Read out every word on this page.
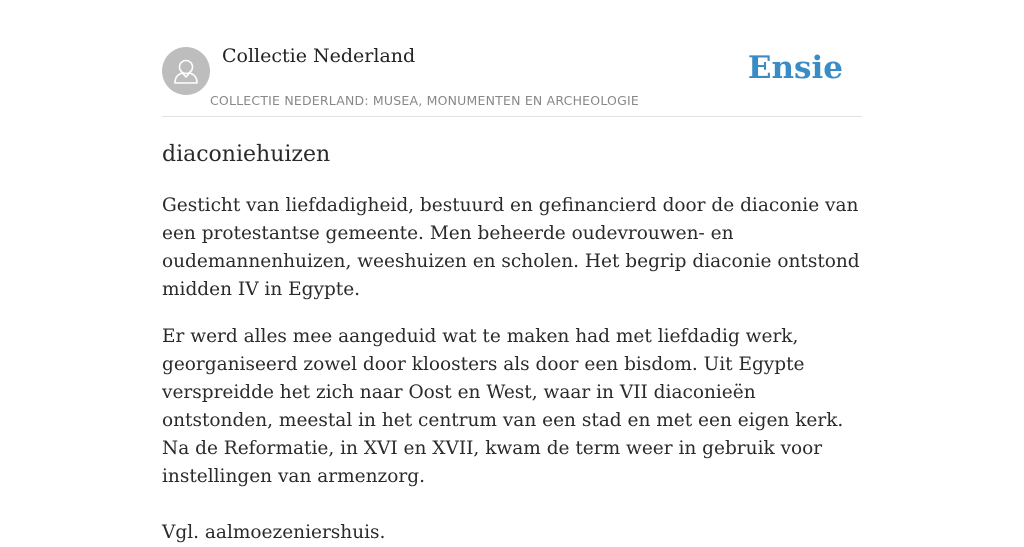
Collectie Nederland
COLLECTIE NEDERLAND: MUSEA, MONUMENTEN EN ARCHEOLOGIE
Ensie
diaconiehuizen

Gesticht van liefdadigheid, bestuurd en gefinancierd door de diaconie van een protestantse gemeente. Men beheerde oudevrouwen- en oudemannenhuizen, weeshuizen en scholen. Het begrip diaconie ontstond midden IV in Egypte.

Er werd alles mee aangeduid wat te maken had met liefdadig werk, georganiseerd zowel door kloosters als door een bisdom. Uit Egypte verspreidde het zich naar Oost en West, waar in VII diaconieën ontstonden, meestal in het centrum van een stad en met een eigen kerk. Na de Reformatie, in XVI en XVII, kwam de term weer in gebruik voor instellingen van armenzorg.

Vgl. aalmoezeniershuis.
